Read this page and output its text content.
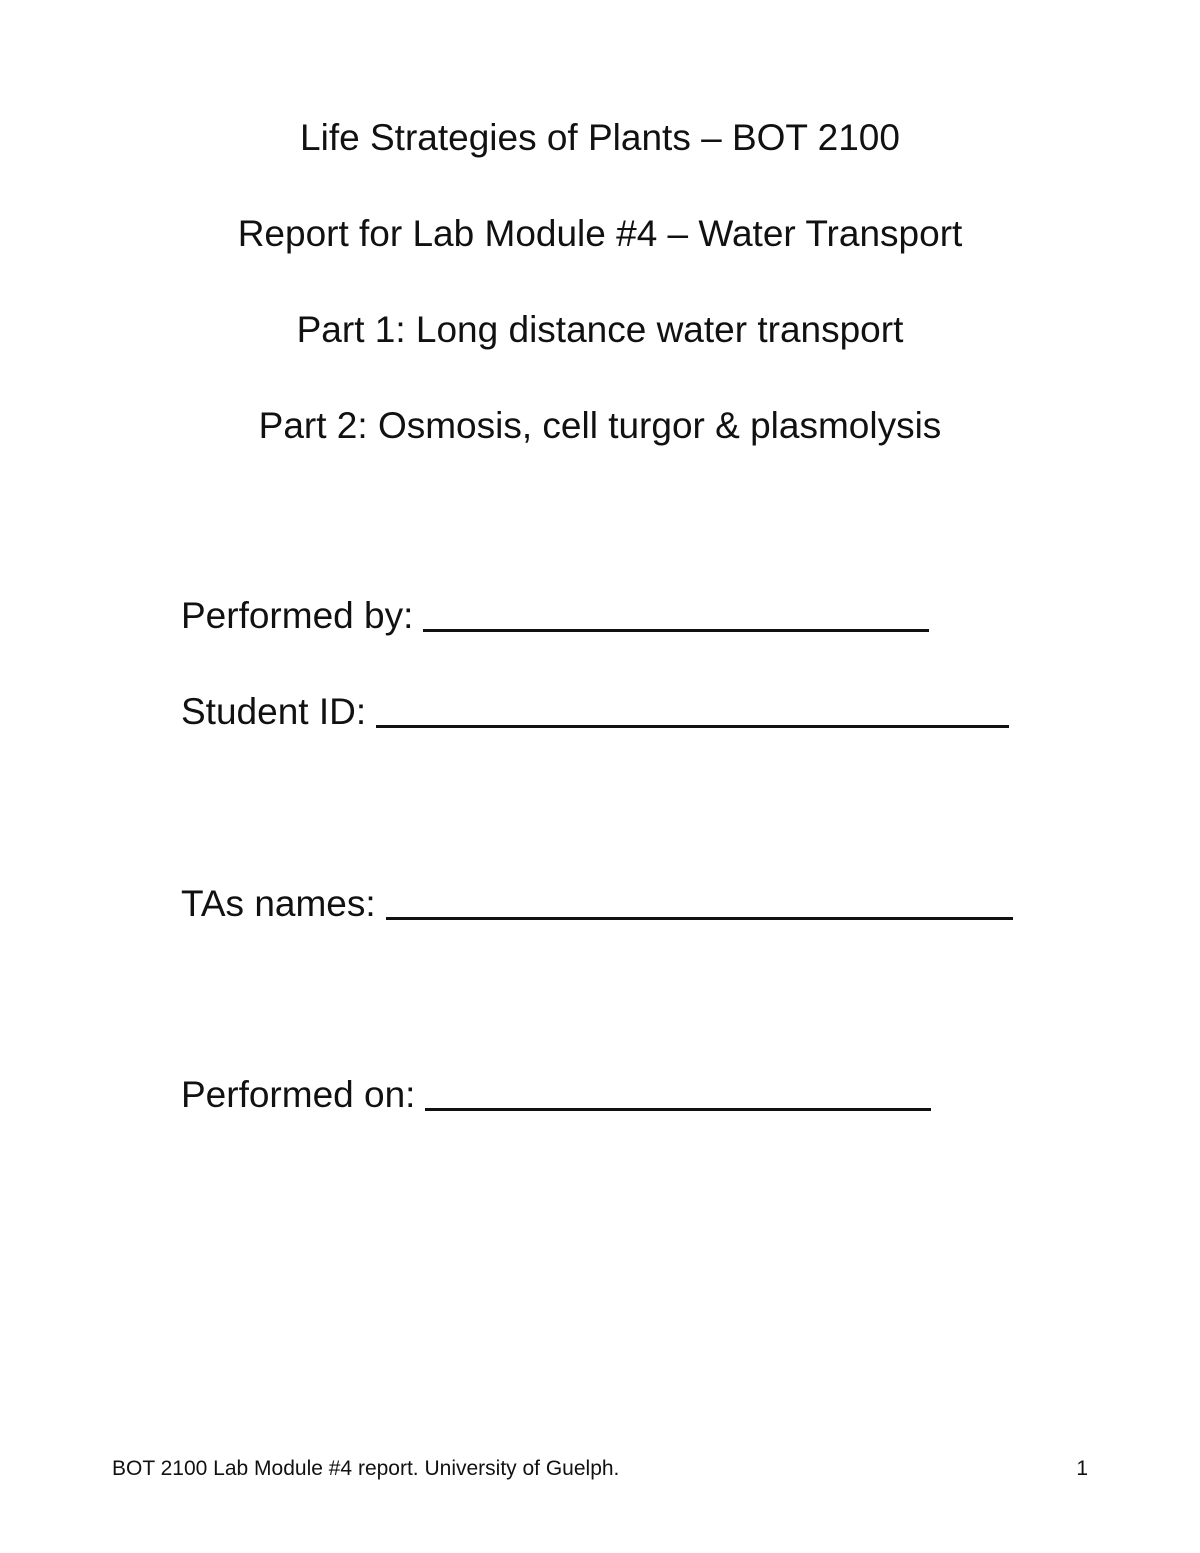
Life Strategies of Plants – BOT 2100
Report for Lab Module #4 – Water Transport
Part 1: Long distance water transport
Part 2: Osmosis, cell turgor & plasmolysis
Performed by:
Student ID:
TAs names:
Performed on:
BOT 2100 Lab Module #4 report. University of Guelph.	1
